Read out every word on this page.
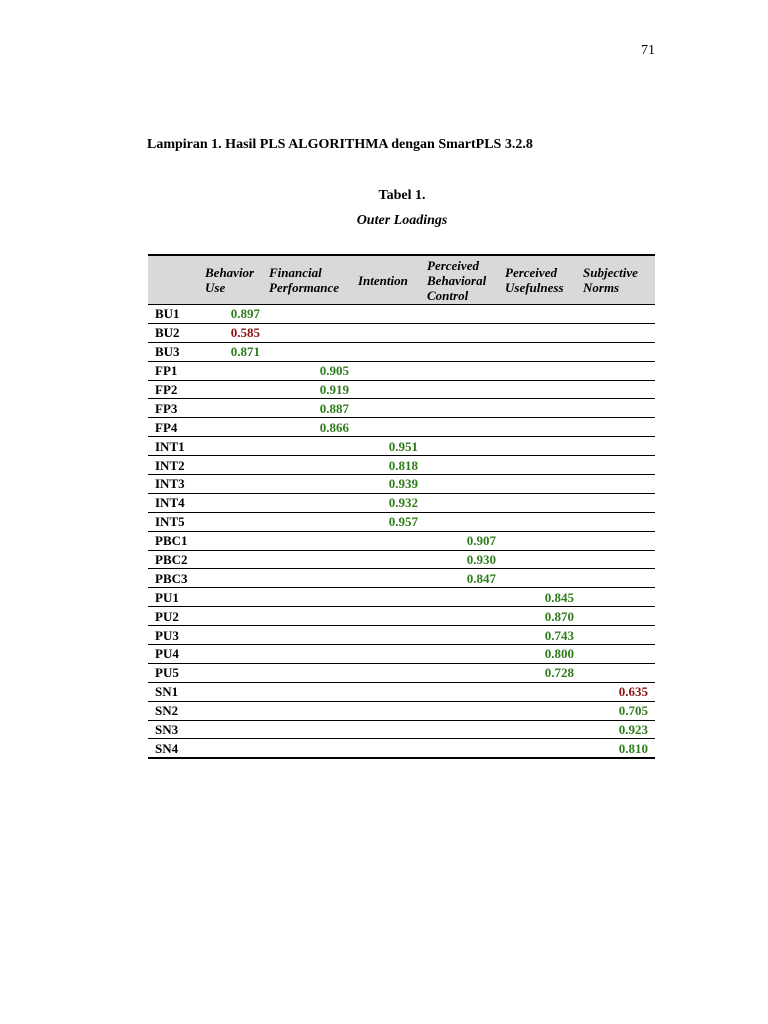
71
Lampiran 1. Hasil PLS ALGORITHMA dengan SmartPLS 3.2.8
Tabel 1.
Outer Loadings
	Behavior Use	Financial Performance	Intention	Perceived Behavioral Control	Perceived Usefulness	Subjective Norms
BU1	0.897					
BU2	0.585					
BU3	0.871					
FP1		0.905				
FP2		0.919				
FP3		0.887				
FP4		0.866				
INT1			0.951			
INT2			0.818			
INT3			0.939			
INT4			0.932			
INT5			0.957			
PBC1				0.907		
PBC2				0.930		
PBC3				0.847		
PU1					0.845	
PU2					0.870	
PU3					0.743	
PU4					0.800	
PU5					0.728	
SN1						0.635
SN2						0.705
SN3						0.923
SN4						0.810
